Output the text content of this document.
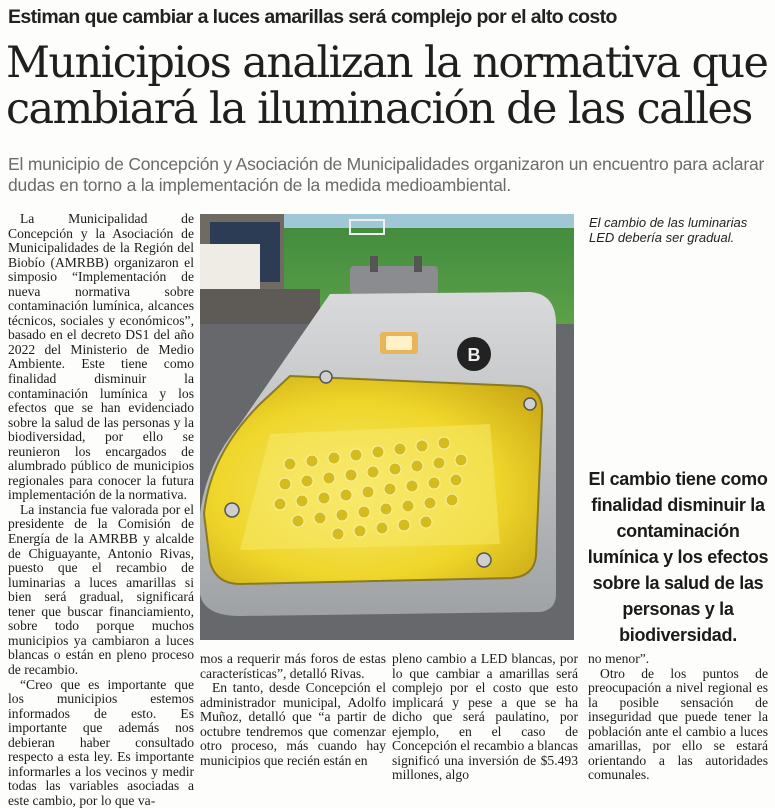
Estiman que cambiar a luces amarillas será complejo por el alto costo
Municipios analizan la normativa que cambiará la iluminación de las calles
El municipio de Concepción y Asociación de Municipalidades organizaron un encuentro para aclarar dudas en torno a la implementación de la medida medioambiental.

La Municipalidad de Concepción y la Asociación de Municipalidades de la Región del Biobío (AMRBB) organizaron el simposio “Implementación de nueva normativa sobre contaminación lumínica, alcances técnicos, sociales y económicos”, basado en el decreto DS1 del año 2022 del Ministerio de Medio Ambiente. Este tiene como finalidad disminuir la contaminación lumínica y los efectos que se han evidenciado sobre la salud de las personas y la biodiversidad, por ello se reunieron los encargados de alumbrado público de municipios regionales para conocer la futura implementación de la normativa.

La instancia fue valorada por el presidente de la Comisión de Energía de la AMRBB y alcalde de Chiguayante, Antonio Rivas, puesto que el recambio de luminarias a luces amarillas si bien será gradual, significará tener que buscar financiamiento, sobre todo porque muchos municipios ya cambiaron a luces blancas o están en pleno proceso de recambio.

“Creo que es importante que los municipios estemos informados de esto. Es importante que además nos debieran haber consultado respecto a esta ley. Es importante informarles a los vecinos y medir todas las variables asociadas a este cambio, por lo que va-

B
El cambio de las luminarias LED debería ser gradual.
El cambio tiene como finalidad disminuir la contaminación lumínica y los efectos sobre la salud de las personas y la biodiversidad.

mos a requerir más foros de estas características”, detalló Rivas.

En tanto, desde Concepción el administrador municipal, Adolfo Muñoz, detalló que “a partir de octubre tendremos que comenzar otro proceso, más cuando hay municipios que recién están en

pleno cambio a LED blancas, por lo que cambiar a amarillas será complejo por el costo que esto implicará y pese a que se ha dicho que será paulatino, por ejemplo, en el caso de Concepción el recambio a blancas significó una inversión de $5.493 millones, algo

no menor”.

Otro de los puntos de preocupación a nivel regional es la posible sensación de inseguridad que puede tener la población ante el cambio a luces amarillas, por ello se estará orientando a las autoridades comunales.
